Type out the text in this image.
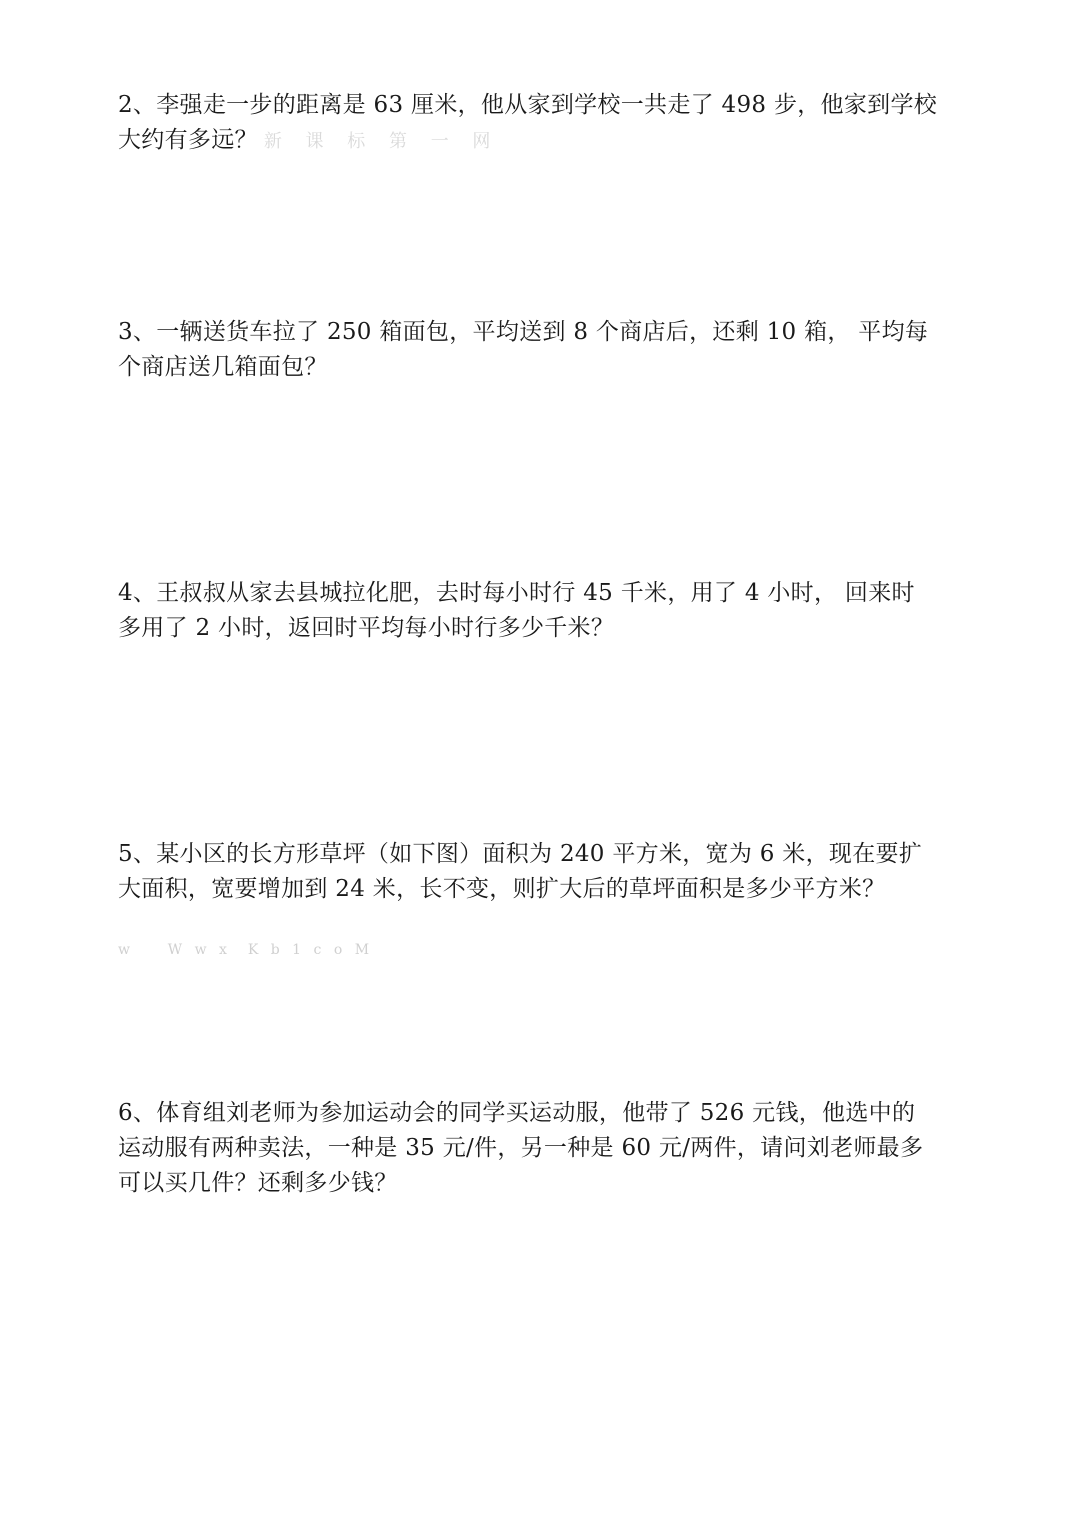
2、李强走一步的距离是 63 厘米，他从家到学校一共走了 498 步，他家到学校
大约有多远？ 新 课 标 第 一 网
3、一辆送货车拉了 250 箱面包，平均送到 8 个商店后，还剩 10 箱， 平均每
个商店送几箱面包？
4、王叔叔从家去县城拉化肥，去时每小时行 45 千米，用了 4 小时， 回来时
多用了 2 小时，返回时平均每小时行多少千米？
5、某小区的长方形草坪（如下图）面积为 240 平方米，宽为 6 米，现在要扩
大面积，宽要增加到 24 米，长不变，则扩大后的草坪面积是多少平方米？
w    W w x  K b 1 c o M
6、体育组刘老师为参加运动会的同学买运动服，他带了 526 元钱，他选中的
运动服有两种卖法，一种是 35 元/件，另一种是 60 元/两件，请问刘老师最多
可以买几件？还剩多少钱？
